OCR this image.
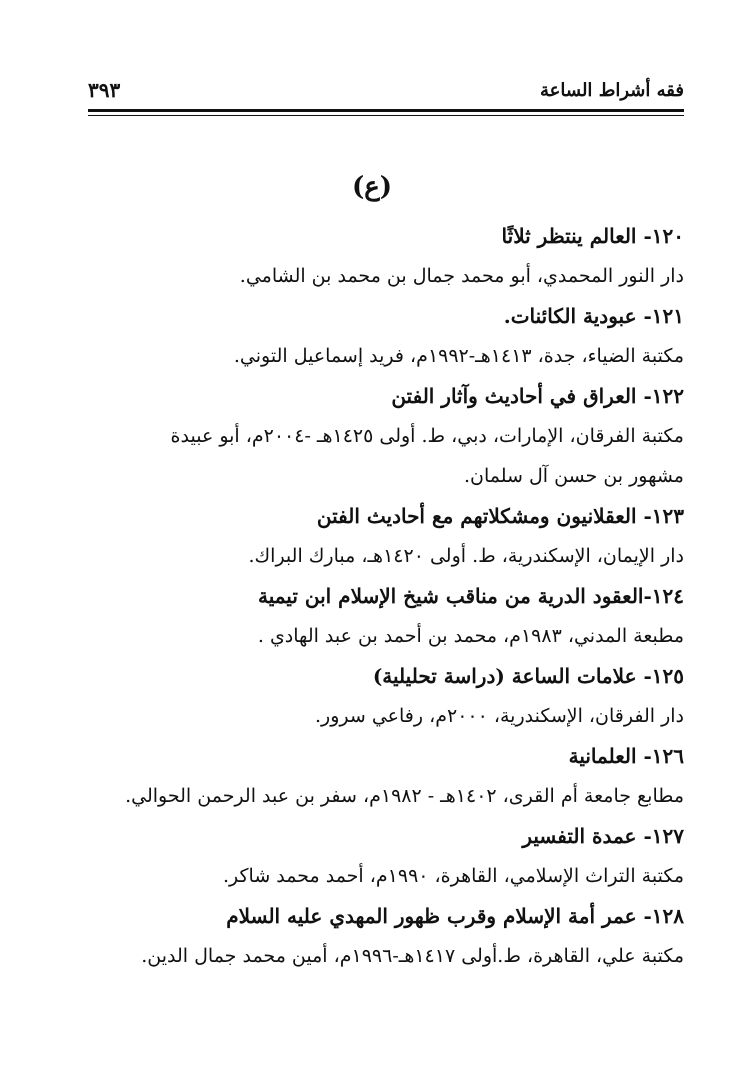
فقه أشراط الساعة
٣٩٣
(ع)
١٢٠- العالم ينتظر ثلاثًا
دار النور المحمدي، أبو محمد جمال بن محمد بن الشامي.
١٢١- عبودية الكائنات.
مكتبة الضياء، جدة، ١٤١٣هـ-١٩٩٢م، فريد إسماعيل التوني.
١٢٢- العراق في أحاديث وآثار الفتن
مكتبة الفرقان، الإمارات، دبي، ط. أولى ١٤٢٥هـ -٢٠٠٤م، أبو عبيدة
مشهور بن حسن آل سلمان.
١٢٣- العقلانيون ومشكلاتهم مع أحاديث الفتن
دار الإيمان، الإسكندرية، ط. أولى ١٤٢٠هـ، مبارك البراك.
١٢٤-العقود الدرية من مناقب شيخ الإسلام ابن تيمية
مطبعة المدني، ١٩٨٣م، محمد بن أحمد بن عبد الهادي .
١٢٥- علامات الساعة (دراسة تحليلية)
دار الفرقان، الإسكندرية، ٢٠٠٠م، رفاعي سرور.
١٢٦- العلمانية
مطابع جامعة أم القرى، ١٤٠٢هـ - ١٩٨٢م، سفر بن عبد الرحمن الحوالي.
١٢٧- عمدة التفسير
مكتبة التراث الإسلامي، القاهرة، ١٩٩٠م، أحمد محمد شاكر.
١٢٨- عمر أمة الإسلام وقرب ظهور المهدي عليه السلام
مكتبة علي، القاهرة، ط.أولى ١٤١٧هـ-١٩٩٦م، أمين محمد جمال الدين.
